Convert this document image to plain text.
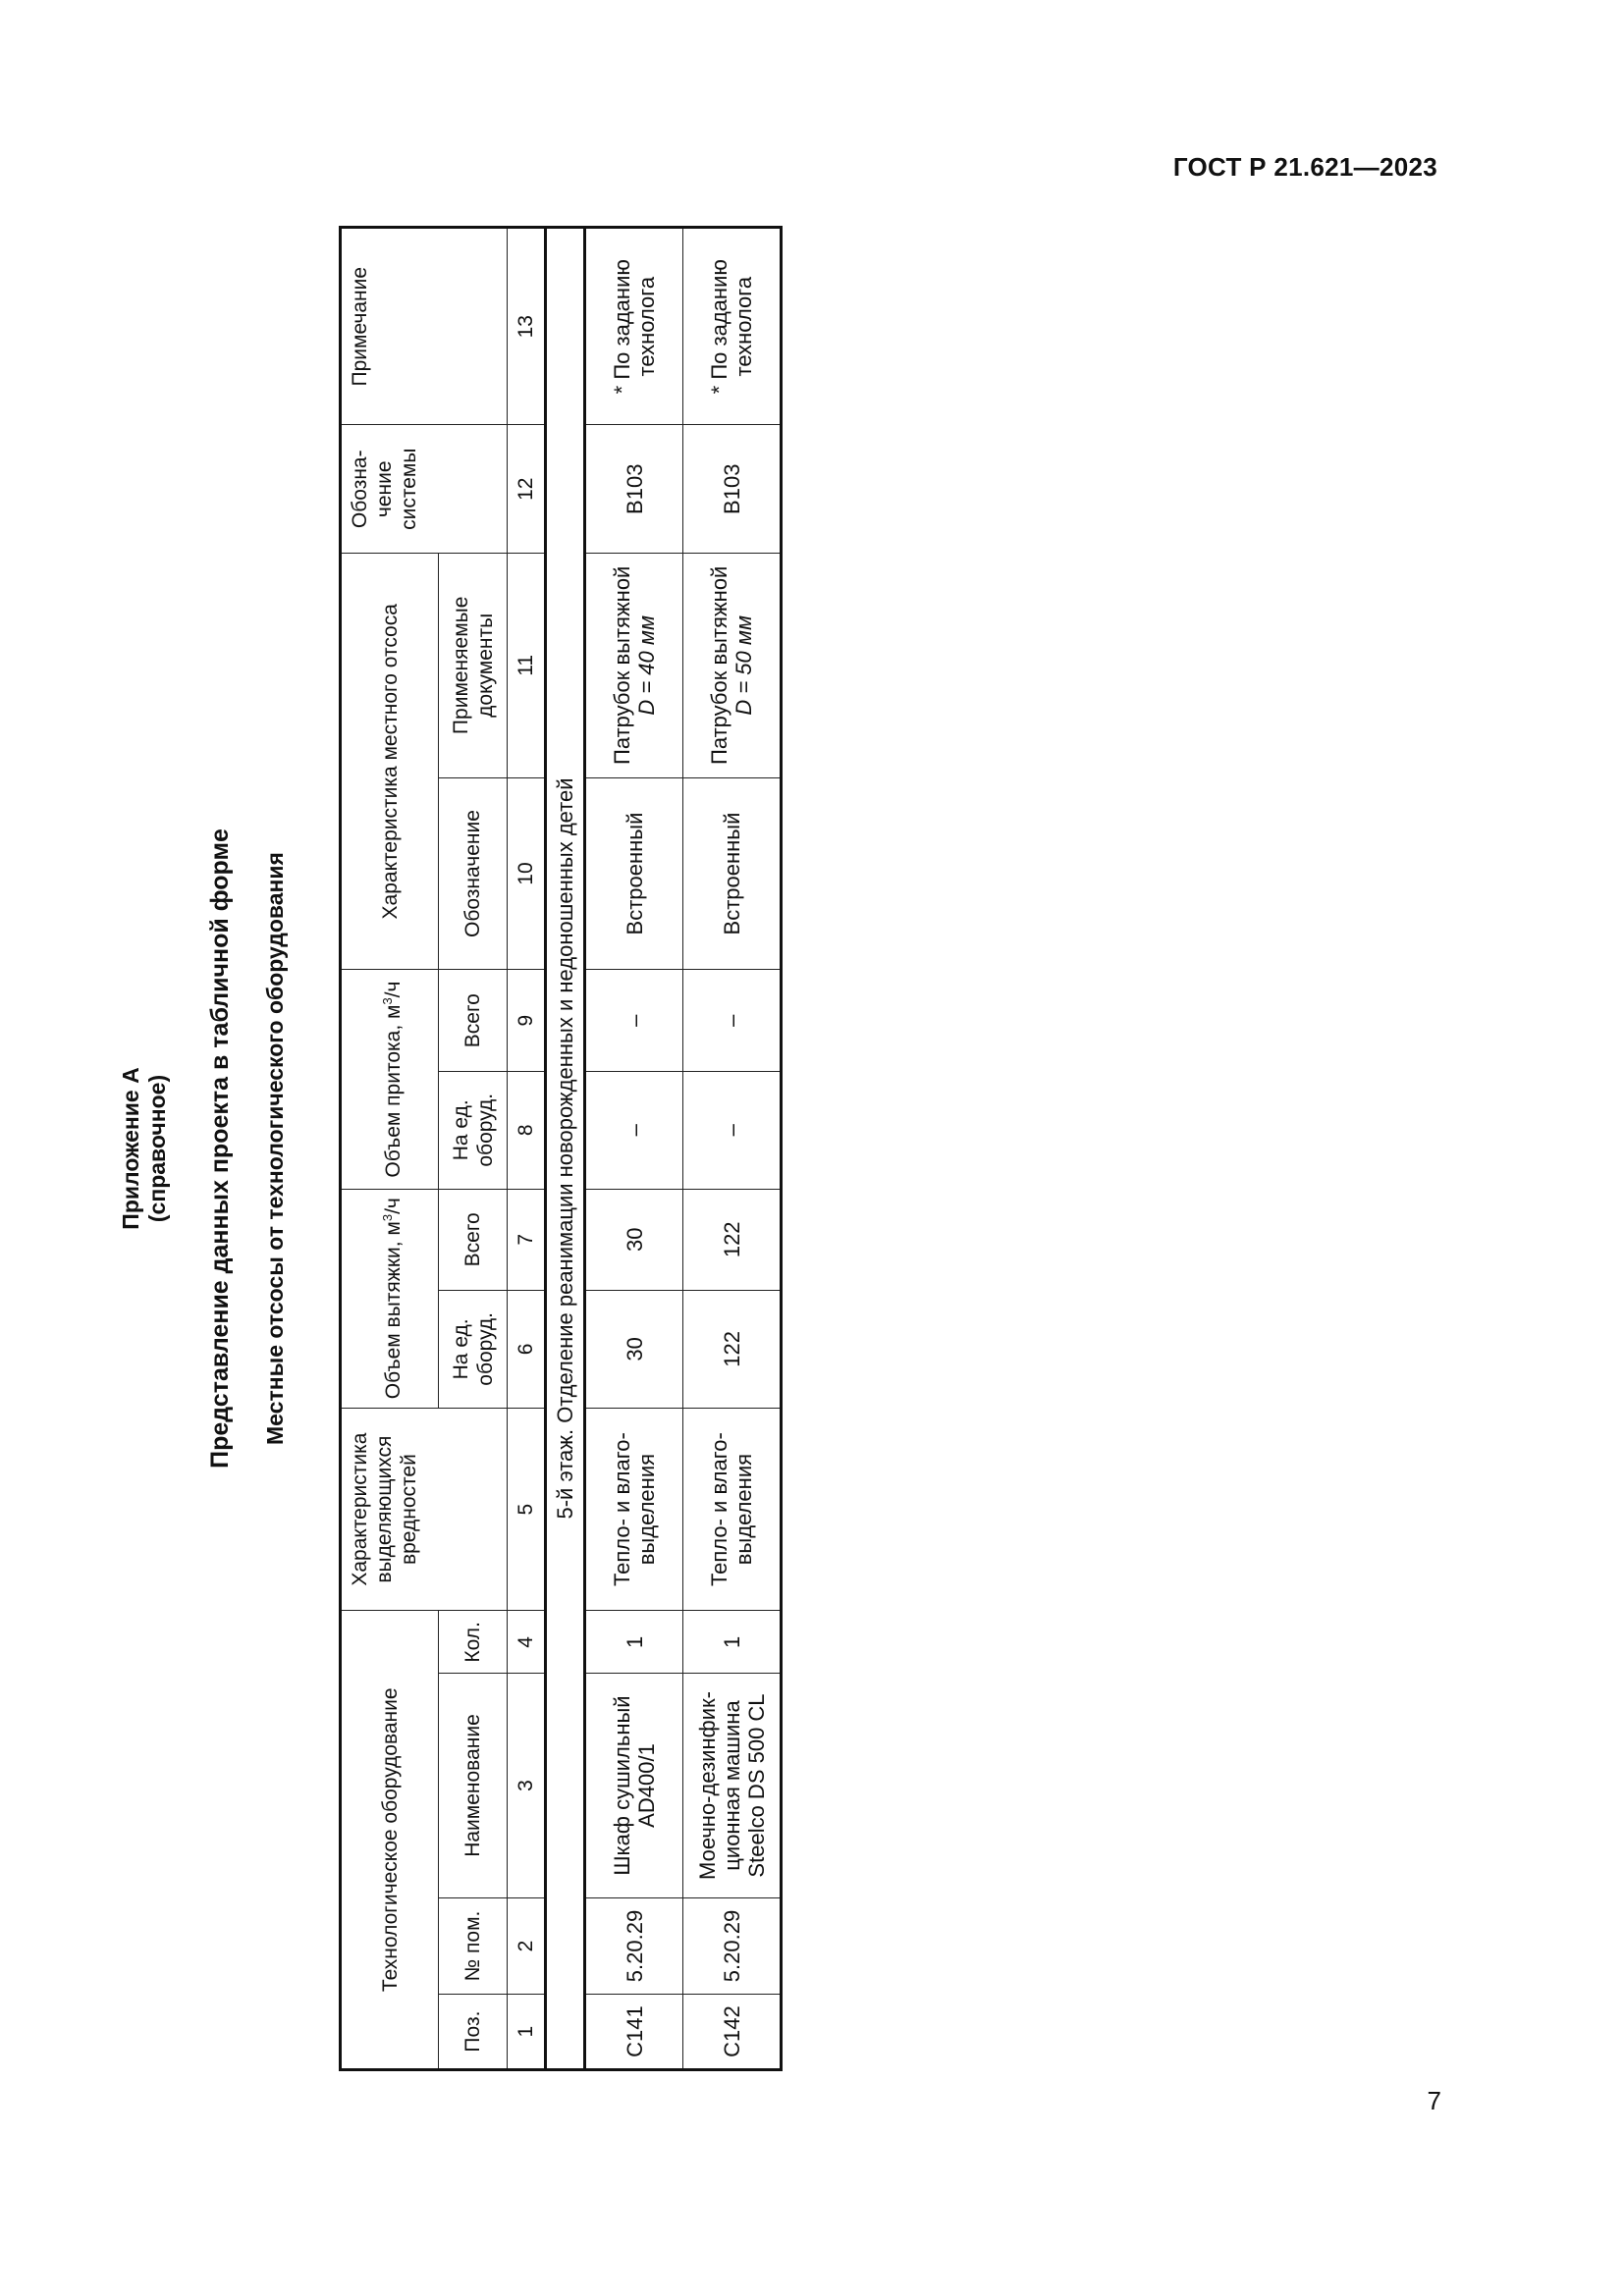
ГОСТ Р 21.621—2023
Приложение А (справочное) Представление данных проекта в табличной форме Местные отсосы от технологического оборудования
Технологическое оборудование				Характеристика выделяющихся вредностей	Объем вытяжки, $м^3/ч$		Объем притока, $м^3/ч$		Характеристика местного отсоса		Обозна-чение системы	Примечание
Поз.	№ пом.	Наименование	Кол.		На ед. оборуд.	Всего	На ед. оборуд.	Всего	Обозначение	Применяемые документы		
1	2	3	4	5	6	7	8	9	10	11	12	13
5-й этаж. Отделение реанимации новорожденных и недоношенных детей												
С141	5.20.29	Шкаф сушильный AD400/1	1	Тепло- и влаго-выделения	30	30	–	–	Встроенный	Патрубок вытяжной D = 40 мм	В103	* По заданию технолога
С142	5.20.29	Моечно-дезинфик-ционная машина Steelco DS 500 CL	1	Тепло- и влаго-выделения	122	122	–	–	Встроенный	Патрубок вытяжной D = 50 мм	В103	* По заданию технолога
7
